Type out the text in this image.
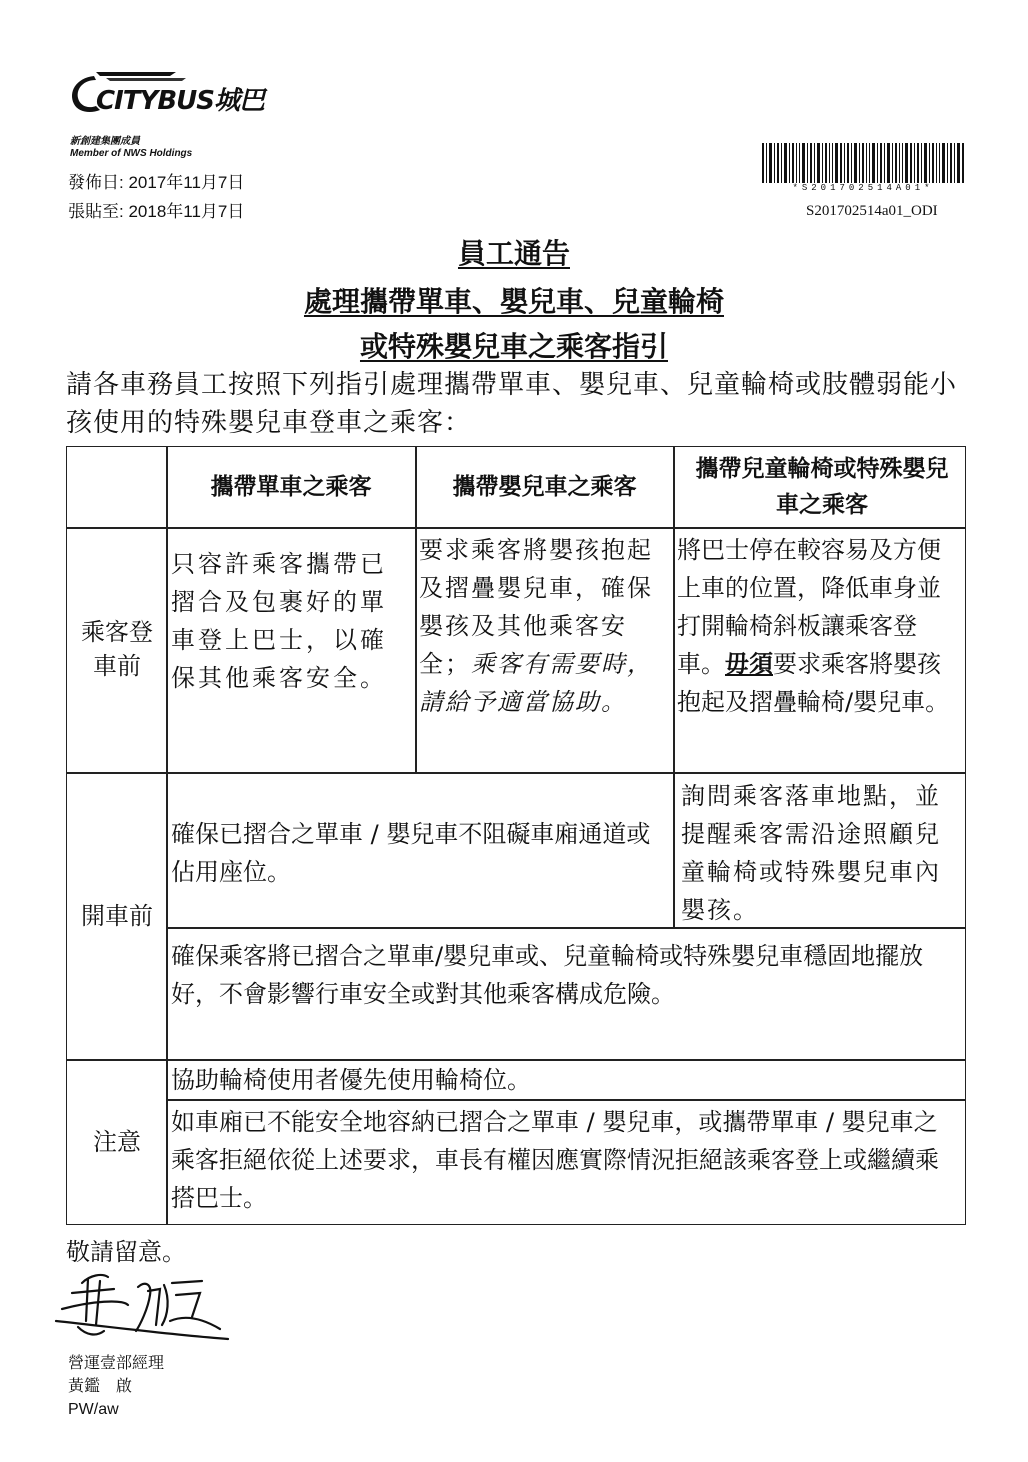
CITYBUS城巴
新創建集團成員
Member of NWS Holdings
發佈日: 2017年11月7日
張貼至: 2018年11月7日
*S201702514A01*
S201702514a01_ODI
員工通告
處理攜帶單車、嬰兒車、兒童輪椅
或特殊嬰兒車之乘客指引
請各車務員工按照下列指引處理攜帶單車、嬰兒車、兒童輪椅或肢體弱能小孩使用的特殊嬰兒車登車之乘客：
攜帶單車之乘客	攜帶嬰兒車之乘客
攜帶兒童輪椅或特殊嬰兒車之乘客
乘客登車前
只容許乘客攜帶已摺合及包裹好的單車登上巴士，以確保其他乘客安全。
要求乘客將嬰孩抱起及摺疊嬰兒車，確保嬰孩及其他乘客安全；乘客有需要時，請給予適當協助。
將巴士停在較容易及方便上車的位置，降低車身並打開輪椅斜板讓乘客登車。毋須要求乘客將嬰孩抱起及摺疊輪椅/嬰兒車。
開車前
確保已摺合之單車 / 嬰兒車不阻礙車廂通道或佔用座位。
詢問乘客落車地點，並提醒乘客需沿途照顧兒童輪椅或特殊嬰兒車內嬰孩。
確保乘客將已摺合之單車/嬰兒車或、兒童輪椅或特殊嬰兒車穩固地擺放好，不會影響行車安全或對其他乘客構成危險。
注意
協助輪椅使用者優先使用輪椅位。
如車廂已不能安全地容納已摺合之單車 / 嬰兒車，或攜帶單車 / 嬰兒車之乘客拒絕依從上述要求，車長有權因應實際情況拒絕該乘客登上或繼續乘搭巴士。
敬請留意。
營運壹部經理
黃鑑　啟
PW/aw
